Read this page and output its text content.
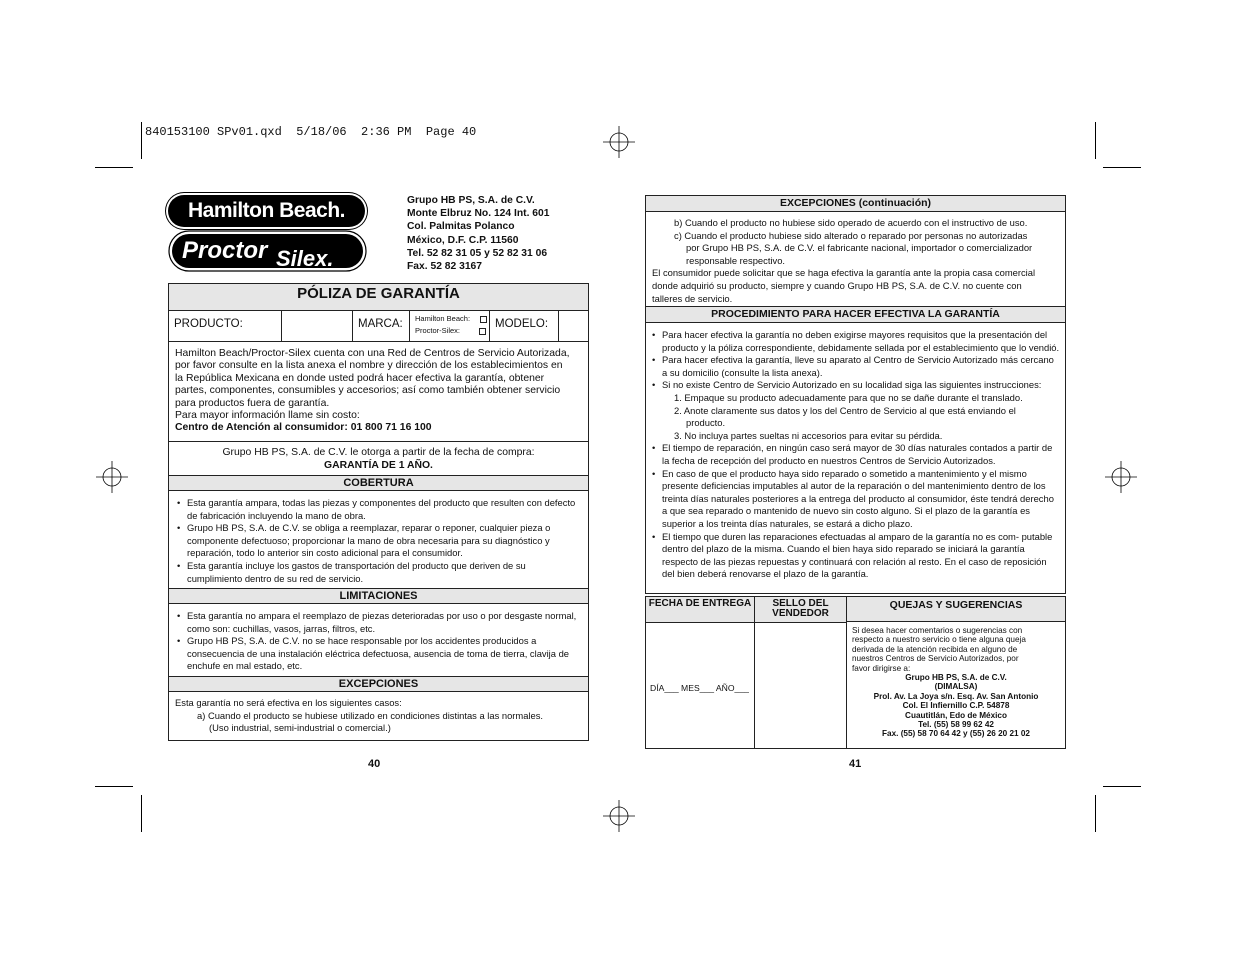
840153100 SPv01.qxd  5/18/06  2:36 PM  Page 40
Hamilton Beach.
Proctor Silex.
Grupo HB PS, S.A. de C.V.
Monte Elbruz No. 124 Int. 601
Col. Palmitas Polanco
México, D.F. C.P. 11560
Tel. 52 82 31 05 y 52 82 31 06
Fax. 52 82 3167
PÓLIZA DE GARANTÍA
PRODUCTO:	MARCA: Hamilton Beach:
Proctor-Silex:
MODELO:
Hamilton Beach/Proctor-Silex cuenta con una Red de Centros de Servicio Autorizada,
por favor consulte en la lista anexa el nombre y dirección de los establecimientos en
la República Mexicana en donde usted podrá hacer efectiva la garantía, obtener
partes, componentes, consumibles y accesorios; así como también obtener servicio
para productos fuera de garantía.
Para mayor información llame sin costo:
Centro de Atención al consumidor: 01 800 71 16 100
Grupo HB PS, S.A. de C.V. le otorga a partir de la fecha de compra:
GARANTÍA DE 1 AÑO.
COBERTURA
• Esta garantía ampara, todas las piezas y componentes del producto que resulten con defecto de fabricación incluyendo la mano de obra.
• Grupo HB PS, S.A. de C.V. se obliga a reemplazar, reparar o reponer, cualquier pieza o componente defectuoso; proporcionar la mano de obra necesaria para su diagnóstico y reparación, todo lo anterior sin costo adicional para el consumidor.
• Esta garantía incluye los gastos de transportación del producto que deriven de su cumplimiento dentro de su red de servicio.
LIMITACIONES
• Esta garantía no ampara el reemplazo de piezas deterioradas por uso o por desgaste normal, como son: cuchillas, vasos, jarras, filtros, etc.
• Grupo HB PS, S.A. de C.V. no se hace responsable por los accidentes producidos a consecuencia de una instalación eléctrica defectuosa, ausencia de toma de tierra, clavija de enchufe en mal estado, etc.
EXCEPCIONES
Esta garantía no será efectiva en los siguientes casos:
a) Cuando el producto se hubiese utilizado en condiciones distintas a las normales.
(Uso industrial, semi-industrial o comercial.)
40
EXCEPCIONES (continuación)
b) Cuando el producto no hubiese sido operado de acuerdo con el instructivo de uso.
c) Cuando el producto hubiese sido alterado o reparado por personas no autorizadas
por Grupo HB PS, S.A. de C.V. el fabricante nacional, importador o comercializador
responsable respectivo.
El consumidor puede solicitar que se haga efectiva la garantía ante la propia casa comercial
donde adquirió su producto, siempre y cuando Grupo HB PS, S.A. de C.V. no cuente con
talleres de servicio.
PROCEDIMIENTO PARA HACER EFECTIVA LA GARANTÍA
• Para hacer efectiva la garantía no deben exigirse mayores requisitos que la presentación del producto y la póliza correspondiente, debidamente sellada por el establecimiento que lo vendió.
• Para hacer efectiva la garantía, lleve su aparato al Centro de Servicio Autorizado más cercano a su domicilio (consulte la lista anexa).
• Si no existe Centro de Servicio Autorizado en su localidad siga las siguientes instrucciones:
1. Empaque su producto adecuadamente para que no se dañe durante el translado.
2. Anote claramente sus datos y los del Centro de Servicio al que está enviando el
producto.
3. No incluya partes sueltas ni accesorios para evitar su pérdida.
• El tiempo de reparación, en ningún caso será mayor de 30 días naturales contados a partir de la fecha de recepción del producto en nuestros Centros de Servicio Autorizados.
• En caso de que el producto haya sido reparado o sometido a mantenimiento y el mismo presente deficiencias imputables al autor de la reparación o del mantenimiento dentro de los treinta días naturales posteriores a la entrega del producto al consumidor, éste tendrá derecho a que sea reparado o mantenido de nuevo sin costo alguno. Si el plazo de la garantía es superior a los treinta días naturales, se estará a dicho plazo.
• El tiempo que duren las reparaciones efectuadas al amparo de la garantía no es com- putable dentro del plazo de la misma. Cuando el bien haya sido reparado se iniciará la garantía respecto de las piezas repuestas y continuará con relación al resto. En el caso de reposición del bien deberá renovarse el plazo de la garantía.
FECHA DE ENTREGA	SELLO DEL VENDEDOR
QUEJAS Y SUGERENCIAS
DÍA___ MES___ AÑO___
Si desea hacer comentarios o sugerencias con
respecto a nuestro servicio o tiene alguna queja
derivada de la atención recibida en alguno de
nuestros Centros de Servicio Autorizados, por
favor dirigirse a:
Grupo HB PS, S.A. de C.V.
(DIMALSA)
Prol. Av. La Joya s/n. Esq. Av. San Antonio
Col. El Infiernillo C.P. 54878
Cuautitlán, Edo de México
Tel. (55) 58 99 62 42
Fax. (55) 58 70 64 42 y (55) 26 20 21 02
41
